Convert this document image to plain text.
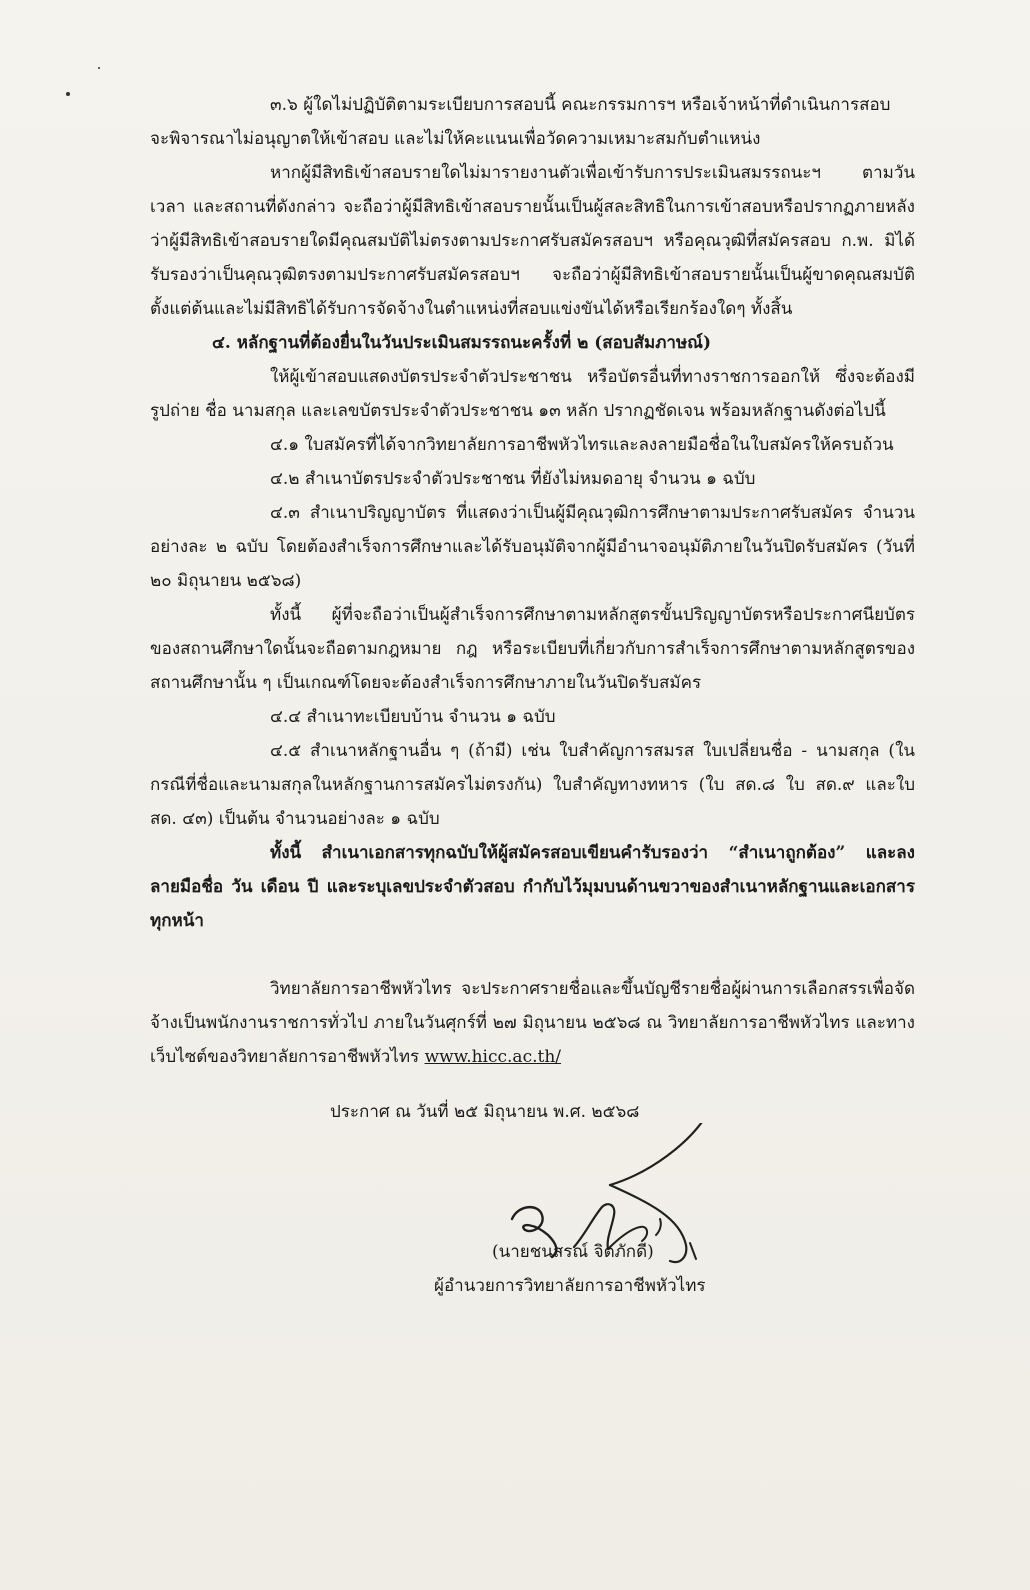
๓.๖ ผู้ใดไม่ปฏิบัติตามระเบียบการสอบนี้ คณะกรรมการฯ หรือเจ้าหน้าที่ดำเนินการสอบ

จะพิจารณาไม่อนุญาตให้เข้าสอบ และไม่ให้คะแนนเพื่อวัดความเหมาะสมกับตำแหน่ง

หากผู้มีสิทธิเข้าสอบรายใดไม่มารายงานตัวเพื่อเข้ารับการประเมินสมรรถนะฯ ตามวัน เวลา และสถานที่ดังกล่าว จะถือว่าผู้มีสิทธิเข้าสอบรายนั้นเป็นผู้สละสิทธิในการเข้าสอบหรือปรากฏภายหลังว่าผู้มีสิทธิเข้าสอบรายใดมีคุณสมบัติไม่ตรงตามประกาศรับสมัครสอบฯ หรือคุณวุฒิที่สมัครสอบ ก.พ. มิได้รับรองว่าเป็นคุณวุฒิตรงตามประกาศรับสมัครสอบฯ จะถือว่าผู้มีสิทธิเข้าสอบรายนั้นเป็นผู้ขาดคุณสมบัติตั้งแต่ต้นและไม่มีสิทธิได้รับการจัดจ้างในตำแหน่งที่สอบแข่งขันได้หรือเรียกร้องใดๆ ทั้งสิ้น

๔. หลักฐานที่ต้องยื่นในวันประเมินสมรรถนะครั้งที่ ๒ (สอบสัมภาษณ์)

ให้ผู้เข้าสอบแสดงบัตรประจำตัวประชาชน หรือบัตรอื่นที่ทางราชการออกให้ ซึ่งจะต้องมีรูปถ่าย ชื่อ นามสกุล และเลขบัตรประจำตัวประชาชน ๑๓ หลัก ปรากฏชัดเจน พร้อมหลักฐานดังต่อไปนี้

๔.๑ ใบสมัครที่ได้จากวิทยาลัยการอาชีพหัวไทรและลงลายมือชื่อในใบสมัครให้ครบถ้วน

๔.๒ สำเนาบัตรประจำตัวประชาชน ที่ยังไม่หมดอายุ จำนวน ๑ ฉบับ

๔.๓ สำเนาปริญญาบัตร ที่แสดงว่าเป็นผู้มีคุณวุฒิการศึกษาตามประกาศรับสมัคร จำนวนอย่างละ ๒ ฉบับ โดยต้องสำเร็จการศึกษาและได้รับอนุมัติจากผู้มีอำนาจอนุมัติภายในวันปิดรับสมัคร (วันที่ ๒๐ มิถุนายน ๒๕๖๘)

ทั้งนี้ ผู้ที่จะถือว่าเป็นผู้สำเร็จการศึกษาตามหลักสูตรขั้นปริญญาบัตรหรือประกาศนียบัตรของสถานศึกษาใดนั้นจะถือตามกฎหมาย กฎ หรือระเบียบที่เกี่ยวกับการสำเร็จการศึกษาตามหลักสูตรของสถานศึกษานั้น ๆ เป็นเกณฑ์โดยจะต้องสำเร็จการศึกษาภายในวันปิดรับสมัคร

๔.๔ สำเนาทะเบียบบ้าน จำนวน ๑ ฉบับ

๔.๕ สำเนาหลักฐานอื่น ๆ (ถ้ามี) เช่น ใบสำคัญการสมรส ใบเปลี่ยนชื่อ - นามสกุล (ในกรณีที่ชื่อและนามสกุลในหลักฐานการสมัครไม่ตรงกัน) ใบสำคัญทางทหาร (ใบ สด.๘ ใบ สด.๙ และใบ สด. ๔๓) เป็นต้น จำนวนอย่างละ ๑ ฉบับ

ทั้งนี้ สำเนาเอกสารทุกฉบับให้ผู้สมัครสอบเขียนคำรับรองว่า “สำเนาถูกต้อง” และลงลายมือชื่อ วัน เดือน ปี และระบุเลขประจำตัวสอบ กำกับไว้มุมบนด้านขวาของสำเนาหลักฐานและเอกสารทุกหน้า

วิทยาลัยการอาชีพหัวไทร จะประกาศรายชื่อและขึ้นบัญชีรายชื่อผู้ผ่านการเลือกสรรเพื่อจัดจ้างเป็นพนักงานราชการทั่วไป ภายในวันศุกร์ที่ ๒๗ มิถุนายน ๒๕๖๘ ณ วิทยาลัยการอาชีพหัวไทร และทางเว็บไซต์ของวิทยาลัยการอาชีพหัวไทร www.hicc.ac.th/

ประกาศ ณ วันที่ ๒๕ มิถุนายน พ.ศ. ๒๕๖๘
(นายชนสรณ์ จิตภักดี)
ผู้อำนวยการวิทยาลัยการอาชีพหัวไทร
